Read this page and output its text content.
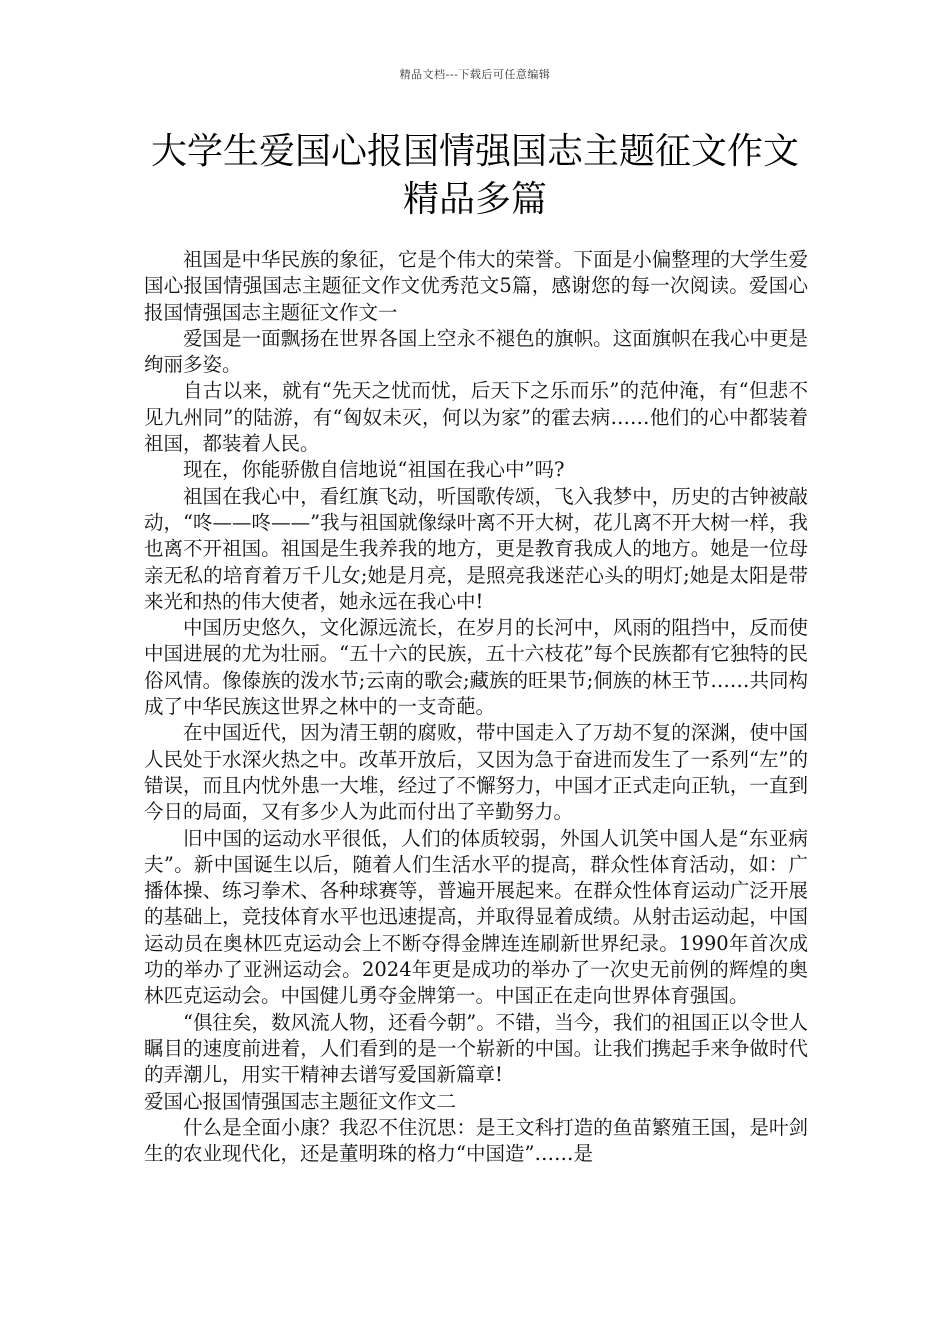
精品文档---下载后可任意编辑
大学生爱国心报国情强国志主题征文作文精品多篇

祖国是中华民族的象征，它是个伟大的荣誉。下面是小偏整理的大学生爱国心报国情强国志主题征文作文优秀范文5篇，感谢您的每一次阅读。爱国心报国情强国志主题征文作文一

爱国是一面飘扬在世界各国上空永不褪色的旗帜。这面旗帜在我心中更是绚丽多姿。

自古以来，就有“先天之忧而忧，后天下之乐而乐”的范仲淹，有“但悲不见九州同”的陆游，有“匈奴未灭，何以为家”的霍去病……他们的心中都装着祖国，都装着人民。

现在，你能骄傲自信地说“祖国在我心中”吗?

祖国在我心中，看红旗飞动，听国歌传颂，飞入我梦中，历史的古钟被敲动，“咚——咚——”我与祖国就像绿叶离不开大树，花儿离不开大树一样，我也离不开祖国。祖国是生我养我的地方，更是教育我成人的地方。她是一位母亲无私的培育着万千儿女;她是月亮，是照亮我迷茫心头的明灯;她是太阳是带来光和热的伟大使者，她永远在我心中!

中国历史悠久，文化源远流长，在岁月的长河中，风雨的阻挡中，反而使中国进展的尤为壮丽。“五十六的民族，五十六枝花”每个民族都有它独特的民俗风情。像傣族的泼水节;云南的歌会;藏族的旺果节;侗族的林王节……共同构成了中华民族这世界之林中的一支奇葩。

在中国近代，因为清王朝的腐败，带中国走入了万劫不复的深渊，使中国人民处于水深火热之中。改革开放后，又因为急于奋进而发生了一系列“左”的错误，而且内忧外患一大堆，经过了不懈努力，中国才正式走向正轨，一直到今日的局面，又有多少人为此而付出了辛勤努力。

旧中国的运动水平很低，人们的体质较弱，外国人讥笑中国人是“东亚病夫”。新中国诞生以后，随着人们生活水平的提高，群众性体育活动，如：广播体操、练习拳术、各种球赛等，普遍开展起来。在群众性体育运动广泛开展的基础上，竞技体育水平也迅速提高，并取得显着成绩。从射击运动起，中国运动员在奥林匹克运动会上不断夺得金牌连连刷新世界纪录。1990年首次成功的举办了亚洲运动会。2024年更是成功的举办了一次史无前例的辉煌的奥林匹克运动会。中国健儿勇夺金牌第一。中国正在走向世界体育强国。

“俱往矣，数风流人物，还看今朝”。不错，当今，我们的祖国正以令世人瞩目的速度前进着，人们看到的是一个崭新的中国。让我们携起手来争做时代的弄潮儿，用实干精神去谱写爱国新篇章!

爱国心报国情强国志主题征文作文二

什么是全面小康？我忍不住沉思：是王文科打造的鱼苗繁殖王国，是叶剑生的农业现代化，还是董明珠的格力“中国造”……是
